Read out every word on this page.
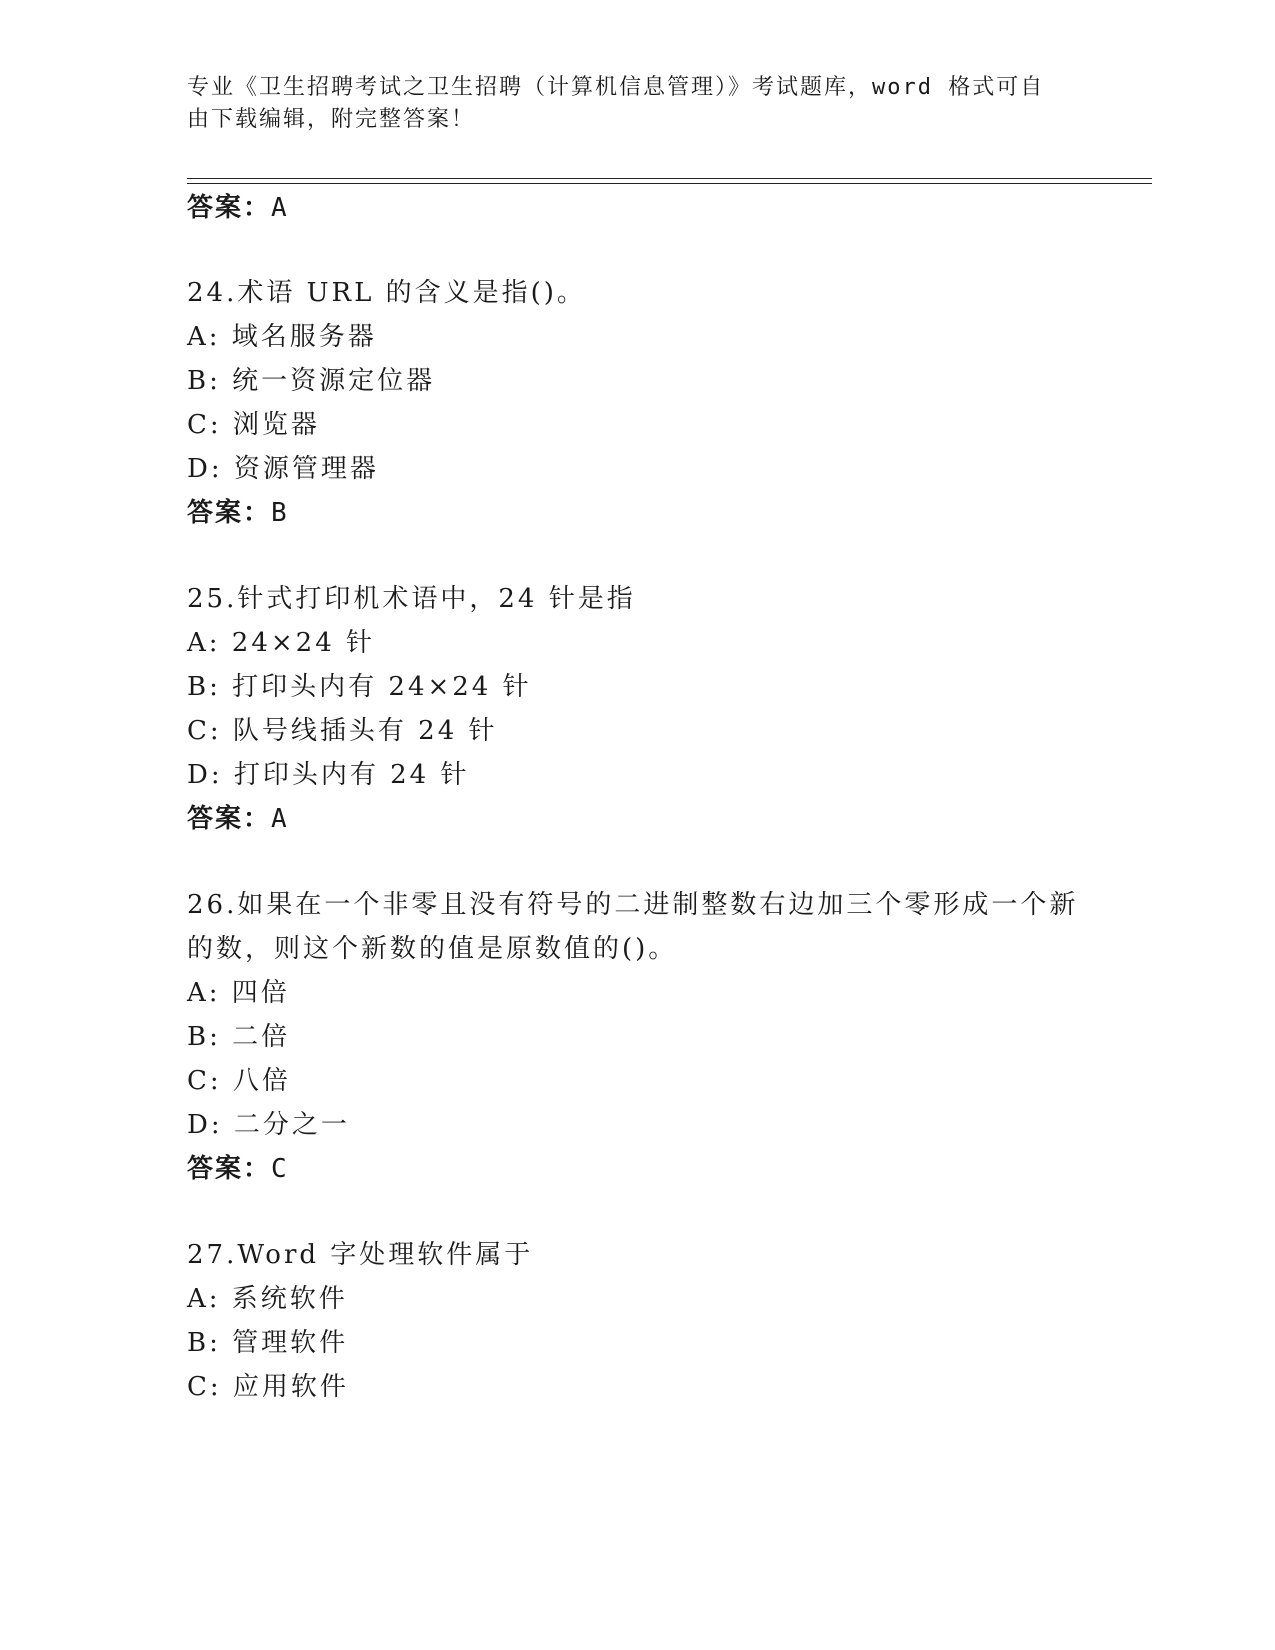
专业《卫生招聘考试之卫生招聘（计算机信息管理）》考试题库，word 格式可自
由下载编辑，附完整答案！
答案：A
24.术语 URL 的含义是指()。
A: 域名服务器
B: 统一资源定位器
C: 浏览器
D: 资源管理器
答案：B
25.针式打印机术语中，24 针是指
A: 24×24 针
B: 打印头内有 24×24 针
C: 队号线插头有 24 针
D: 打印头内有 24 针
答案：A
26.如果在一个非零且没有符号的二进制整数右边加三个零形成一个新
的数，则这个新数的值是原数值的()。
A: 四倍
B: 二倍
C: 八倍
D: 二分之一
答案：C
27.Word 字处理软件属于
A: 系统软件
B: 管理软件
C: 应用软件
